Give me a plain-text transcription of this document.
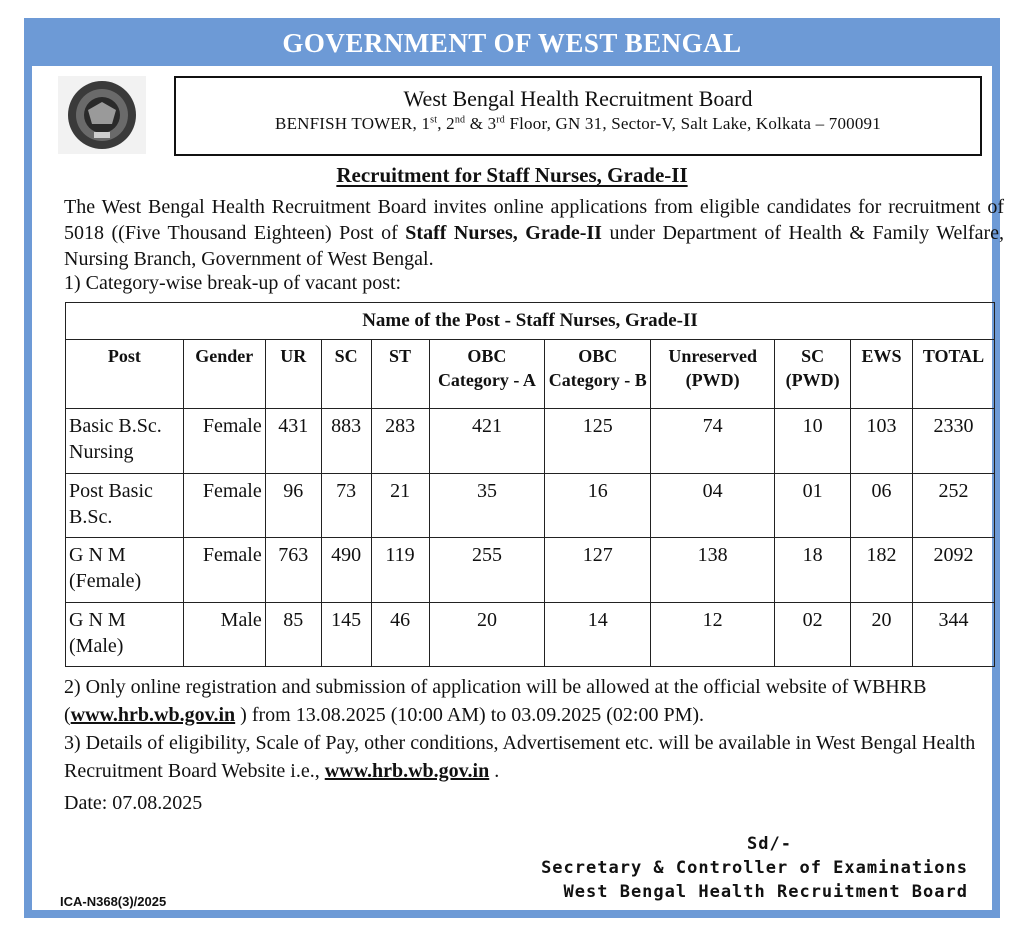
GOVERNMENT OF WEST BENGAL
West Bengal Health Recruitment Board
BENFISH TOWER, 1st, 2nd & 3rd Floor, GN 31, Sector-V, Salt Lake, Kolkata – 700091
Recruitment for Staff Nurses, Grade-II
The West Bengal Health Recruitment Board invites online applications from eligible candidates for recruitment of 5018 ((Five Thousand Eighteen) Post of Staff Nurses, Grade-II under Department of Health & Family Welfare, Nursing Branch, Government of West Bengal.
1) Category-wise break-up of vacant post:
Name of the Post - Staff Nurses, Grade-II										
Post	Gender	UR	SC	ST	OBC Category - A	OBC Category - B	Unreserved (PWD)	SC (PWD)	EWS	TOTAL
Basic B.Sc. Nursing	Female	431	883	283	421	125	74	10	103	2330
Post Basic B.Sc.	Female	96	73	21	35	16	04	01	06	252
G N M (Female)	Female	763	490	119	255	127	138	18	182	2092
G N M (Male)	Male	85	145	46	20	14	12	02	20	344
2) Only online registration and submission of application will be allowed at the official website of WBHRB (www.hrb.wb.gov.in ) from 13.08.2025 (10:00 AM) to 03.09.2025 (02:00 PM).
3) Details of eligibility, Scale of Pay, other conditions, Advertisement etc. will be available in West Bengal Health Recruitment Board Website i.e., www.hrb.wb.gov.in .
Date: 07.08.2025
Sd/-
Secretary & Controller of Examinations
West Bengal Health Recruitment Board
ICA-N368(3)/2025
